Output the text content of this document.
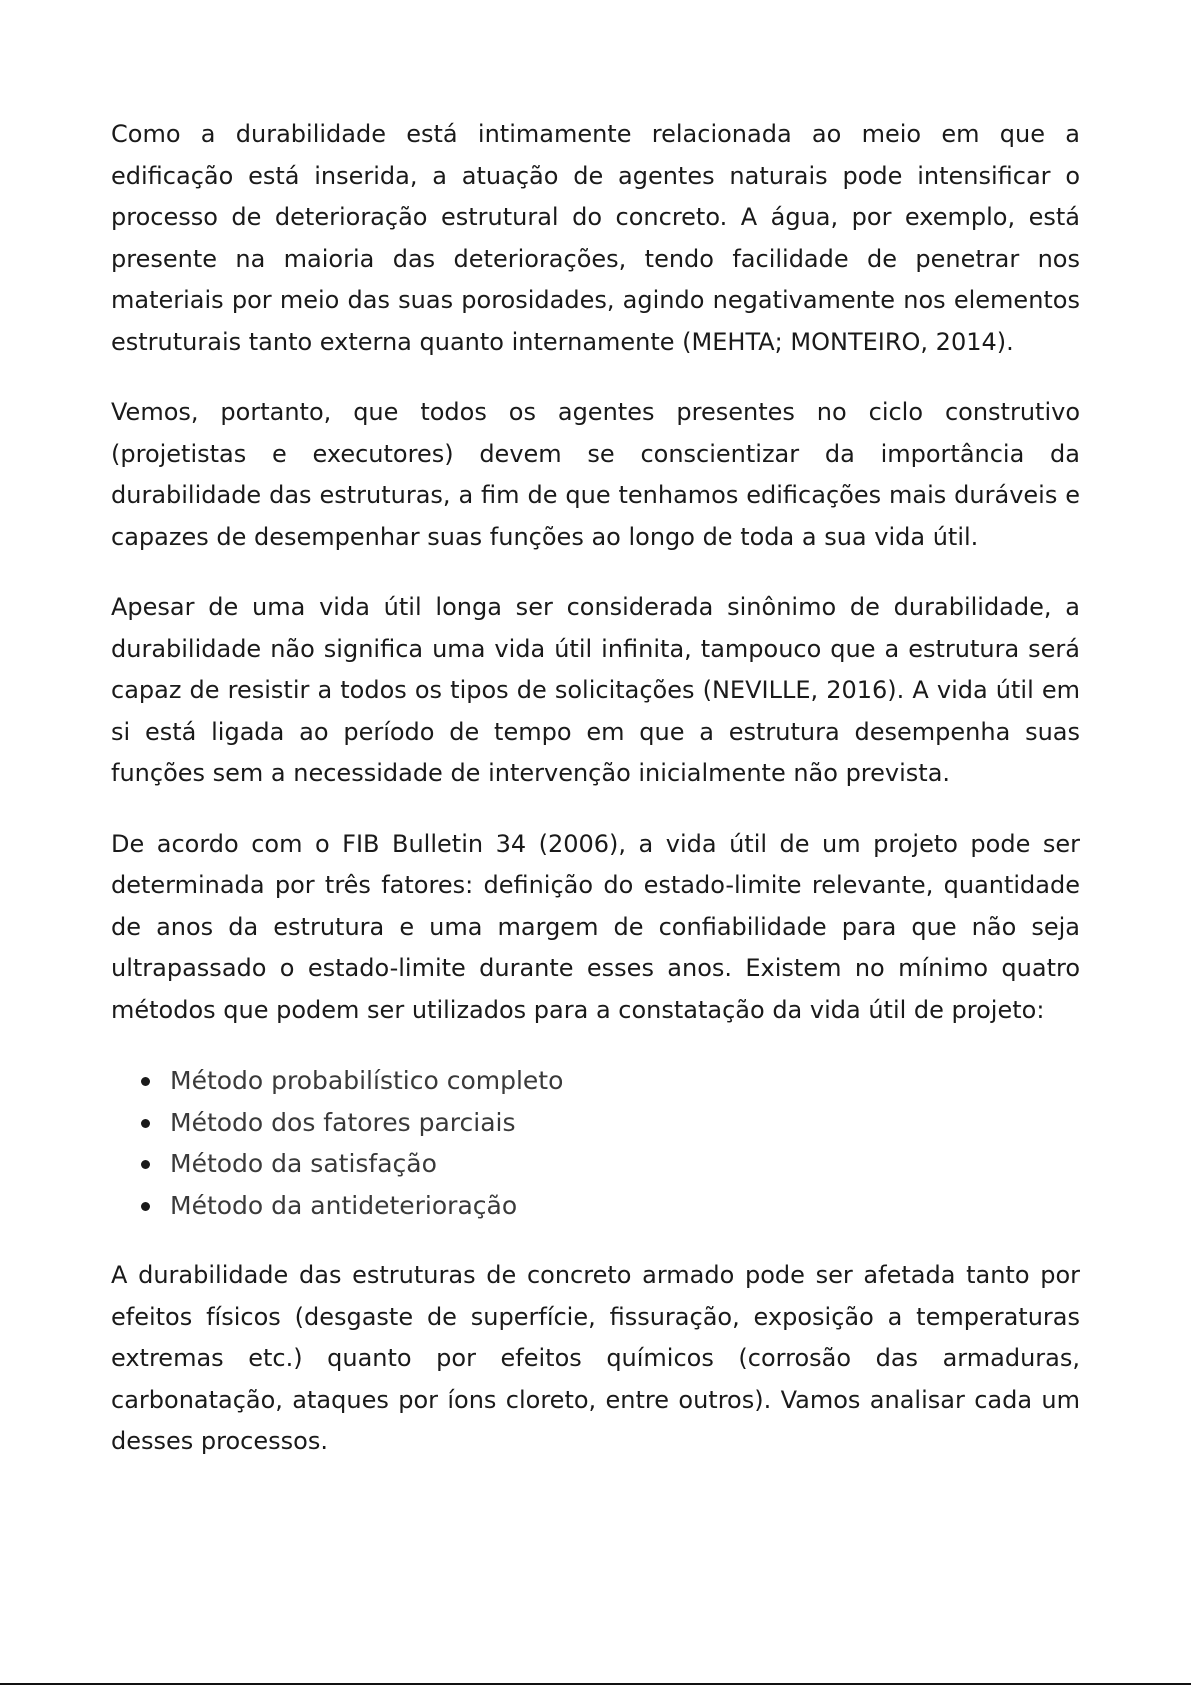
Como a durabilidade está intimamente relacionada ao meio em que a edificação está inserida, a atuação de agentes naturais pode intensificar o processo de deterioração estrutural do concreto. A água, por exemplo, está presente na maioria das deteriorações, tendo facilidade de penetrar nos materiais por meio das suas porosidades, agindo negativamente nos elementos estruturais tanto externa quanto internamente (MEHTA; MONTEIRO, 2014).

Vemos, portanto, que todos os agentes presentes no ciclo construtivo (projetistas e executores) devem se conscientizar da importância da durabilidade das estruturas, a fim de que tenhamos edificações mais duráveis e capazes de desempenhar suas funções ao longo de toda a sua vida útil.

Apesar de uma vida útil longa ser considerada sinônimo de durabilidade, a durabilidade não significa uma vida útil infinita, tampouco que a estrutura será capaz de resistir a todos os tipos de solicitações (NEVILLE, 2016). A vida útil em si está ligada ao período de tempo em que a estrutura desempenha suas funções sem a necessidade de intervenção inicialmente não prevista.

De acordo com o FIB Bulletin 34 (2006), a vida útil de um projeto pode ser determinada por três fatores: definição do estado-limite relevante, quantidade de anos da estrutura e uma margem de confiabilidade para que não seja ultrapassado o estado-limite durante esses anos. Existem no mínimo quatro métodos que podem ser utilizados para a constatação da vida útil de projeto:

Método probabilístico completo
Método dos fatores parciais
Método da satisfação
Método da antideterioração

A durabilidade das estruturas de concreto armado pode ser afetada tanto por efeitos físicos (desgaste de superfície, fissuração, exposição a temperaturas extremas etc.) quanto por efeitos químicos (corrosão das armaduras, carbonatação, ataques por íons cloreto, entre outros). Vamos analisar cada um desses processos.
